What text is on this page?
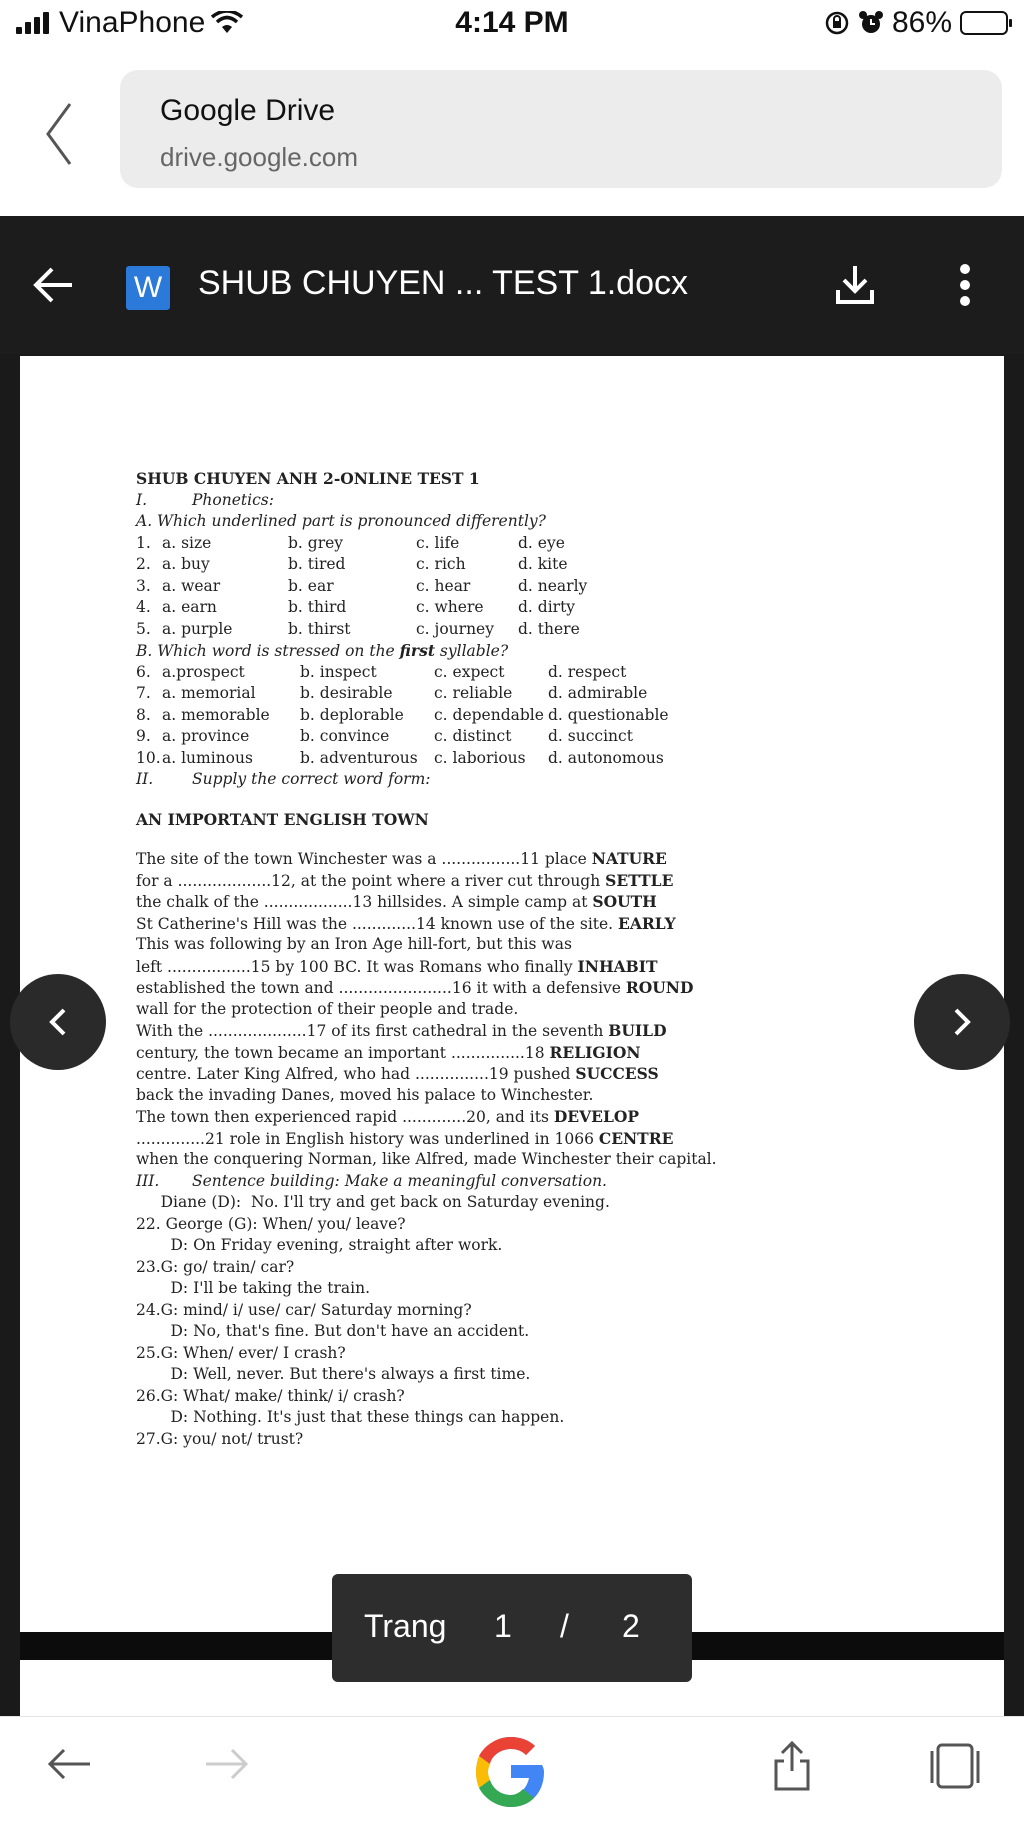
VinaPhone	4:14 PM	86%
Google Drive
drive.google.com
W SHUB CHUYEN ... TEST 1.docx
SHUB CHUYEN ANH 2-ONLINE TEST 1
I.	Phonetics:
A. Which underlined part is pronounced differently?
1. a. size	b. grey	c. life	d. eye
2. a. buy	b. tired	c. rich	d. kite
3. a. wear	b. ear	c. hear	d. nearly
4. a. earn	b. third	c. where d. dirty
5. a. purple	b. thirst	c. journey d. there
B. Which word is stressed on the first syllable?
6. a.prospect	b. inspect	c. expect	d. respect
7. a. memorial	b. desirable	c. reliable d. admirable
8. a. memorable b. deplorable c. dependable d. questionable
9. a. province	b. convince	c. distinct d. succinct
10. a. luminous	b. adventurous c. laborious d. autonomous
II.	Supply the correct word form:
AN IMPORTANT ENGLISH TOWN
The site of the town Winchester was a ................11 place NATURE
for a ...................12, at the point where a river cut through SETTLE
the chalk of the ..................13 hillsides. A simple camp at SOUTH
St Catherine's Hill was the .............14 known use of the site. EARLY
This was following by an Iron Age hill-fort, but this was
left .................15 by 100 BC. It was Romans who finally INHABIT
established the town and .......................16 it with a defensive ROUND
wall for the protection of their people and trade.
With the ....................17 of its first cathedral in the seventh BUILD
century, the town became an important ...............18 RELIGION
centre. Later King Alfred, who had ...............19 pushed SUCCESS
back the invading Danes, moved his palace to Winchester.
The town then experienced rapid .............20, and its DEVELOP
..............21 role in English history was underlined in 1066 CENTRE
when the conquering Norman, like Alfred, made Winchester their capital.
III. Sentence building: Make a meaningful conversation.
Diane (D):  No. I'll try and get back on Saturday evening.
22. George (G): When/ you/ leave?
D: On Friday evening, straight after work.
23.G: go/ train/ car?
D: I'll be taking the train.
24.G: mind/ i/ use/ car/ Saturday morning?
D: No, that's fine. But don't have an accident.
25.G: When/ ever/ I crash?
D: Well, never. But there's always a first time.
26.G: What/ make/ think/ i/ crash?
D: Nothing. It's just that these things can happen.
27.G: you/ not/ trust?
Trang 1 / 2
